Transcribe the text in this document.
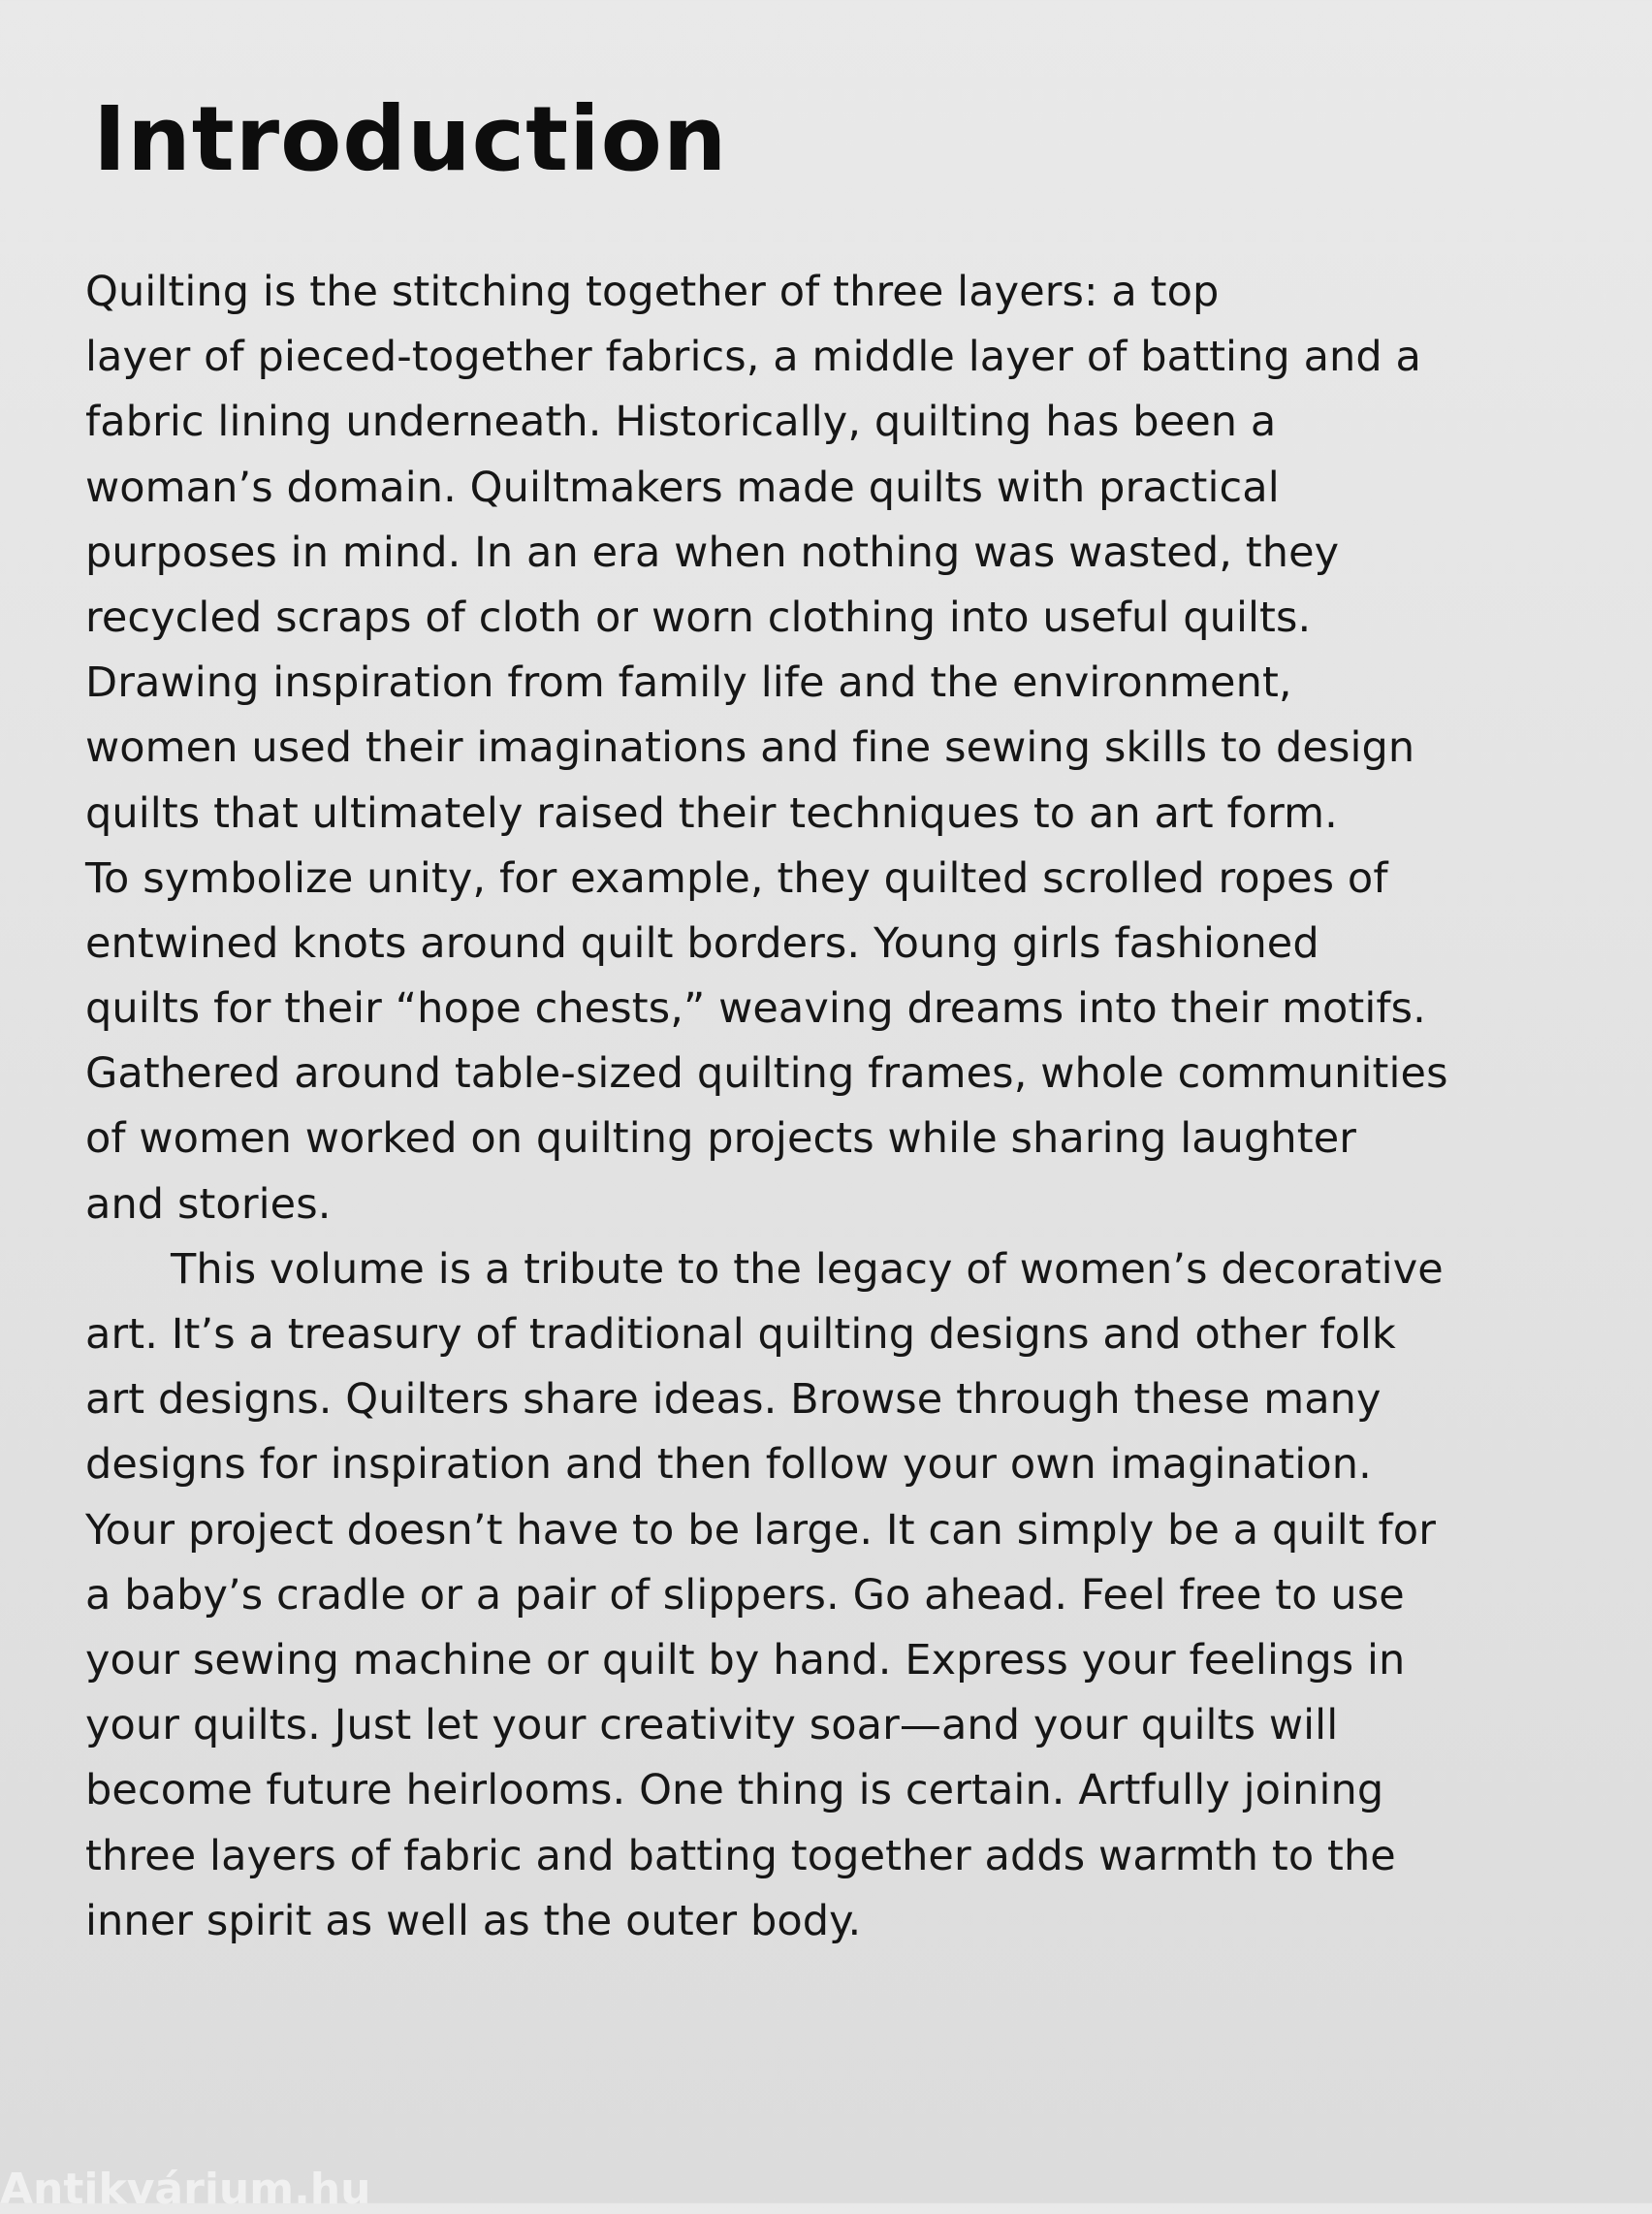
Introduction
Quilting is the stitching together of three layers: a top
layer of pieced-together fabrics, a middle layer of batting and a
fabric lining underneath. Historically, quilting has been a
woman’s domain. Quiltmakers made quilts with practical
purposes in mind. In an era when nothing was wasted, they
recycled scraps of cloth or worn clothing into useful quilts.
Drawing inspiration from family life and the environment,
women used their imaginations and fine sewing skills to design
quilts that ultimately raised their techniques to an art form.
To symbolize unity, for example, they quilted scrolled ropes of
entwined knots around quilt borders. Young girls fashioned
quilts for their “hope chests,” weaving dreams into their motifs.
Gathered around table-sized quilting frames, whole communities
of women worked on quilting projects while sharing laughter
and stories.
This volume is a tribute to the legacy of women’s decorative
art. It’s a treasury of traditional quilting designs and other folk
art designs. Quilters share ideas. Browse through these many
designs for inspiration and then follow your own imagination.
Your project doesn’t have to be large. It can simply be a quilt for
a baby’s cradle or a pair of slippers. Go ahead. Feel free to use
your sewing machine or quilt by hand. Express your feelings in
your quilts. Just let your creativity soar—and your quilts will
become future heirlooms. One thing is certain. Artfully joining
three layers of fabric and batting together adds warmth to the
inner spirit as well as the outer body.
Antikvárium.hu
